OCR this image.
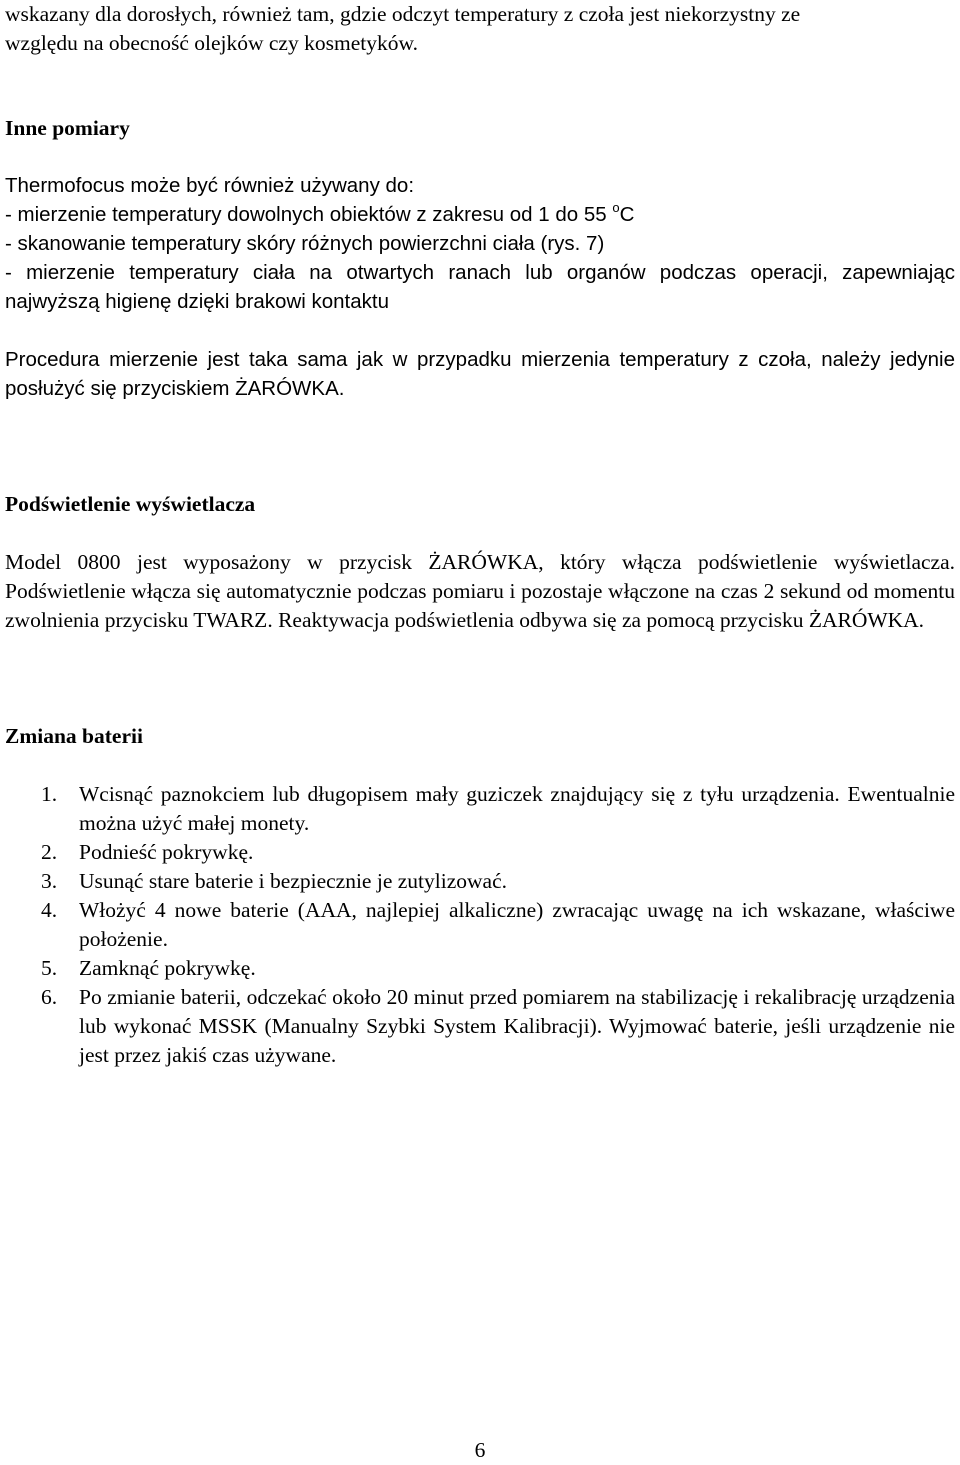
wskazany dla dorosłych, również tam, gdzie odczyt temperatury z czoła jest niekorzystny ze

względu na obecność olejków czy kosmetyków.

Inne pomiary

Thermofocus może być również używany do:

- mierzenie temperatury dowolnych obiektów z zakresu od 1 do 55 $^o$C

- skanowanie temperatury skóry różnych powierzchni ciała (rys. 7)

- mierzenie temperatury ciała na otwartych ranach lub organów podczas operacji, zapewniając najwyższą higienę dzięki brakowi kontaktu

Procedura mierzenie jest taka sama jak w przypadku mierzenia temperatury z czoła, należy jedynie posłużyć się przyciskiem ŻARÓWKA.

Podświetlenie wyświetlacza

Model 0800 jest wyposażony w przycisk ŻARÓWKA, który włącza podświetlenie wyświetlacza. Podświetlenie włącza się automatycznie podczas pomiaru i pozostaje włączone na czas 2 sekund od momentu zwolnienia przycisku TWARZ. Reaktywacja podświetlenia odbywa się za pomocą przycisku ŻARÓWKA.

Zmiana baterii
1. Wcisnąć paznokciem lub długopisem mały guziczek znajdujący się z tyłu urządzenia. Ewentualnie można użyć małej monety.
2. Podnieść pokrywkę.
3. Usunąć stare baterie i bezpiecznie je zutylizować.
4. Włożyć 4 nowe baterie (AAA, najlepiej alkaliczne) zwracając uwagę na ich wskazane, właściwe położenie.
5. Zamknąć pokrywkę.
6. Po zmianie baterii, odczekać około 20 minut przed pomiarem na stabilizację i rekalibrację urządzenia lub wykonać MSSK (Manualny Szybki System Kalibracji). Wyjmować baterie, jeśli urządzenie nie jest przez jakiś czas używane.
6
